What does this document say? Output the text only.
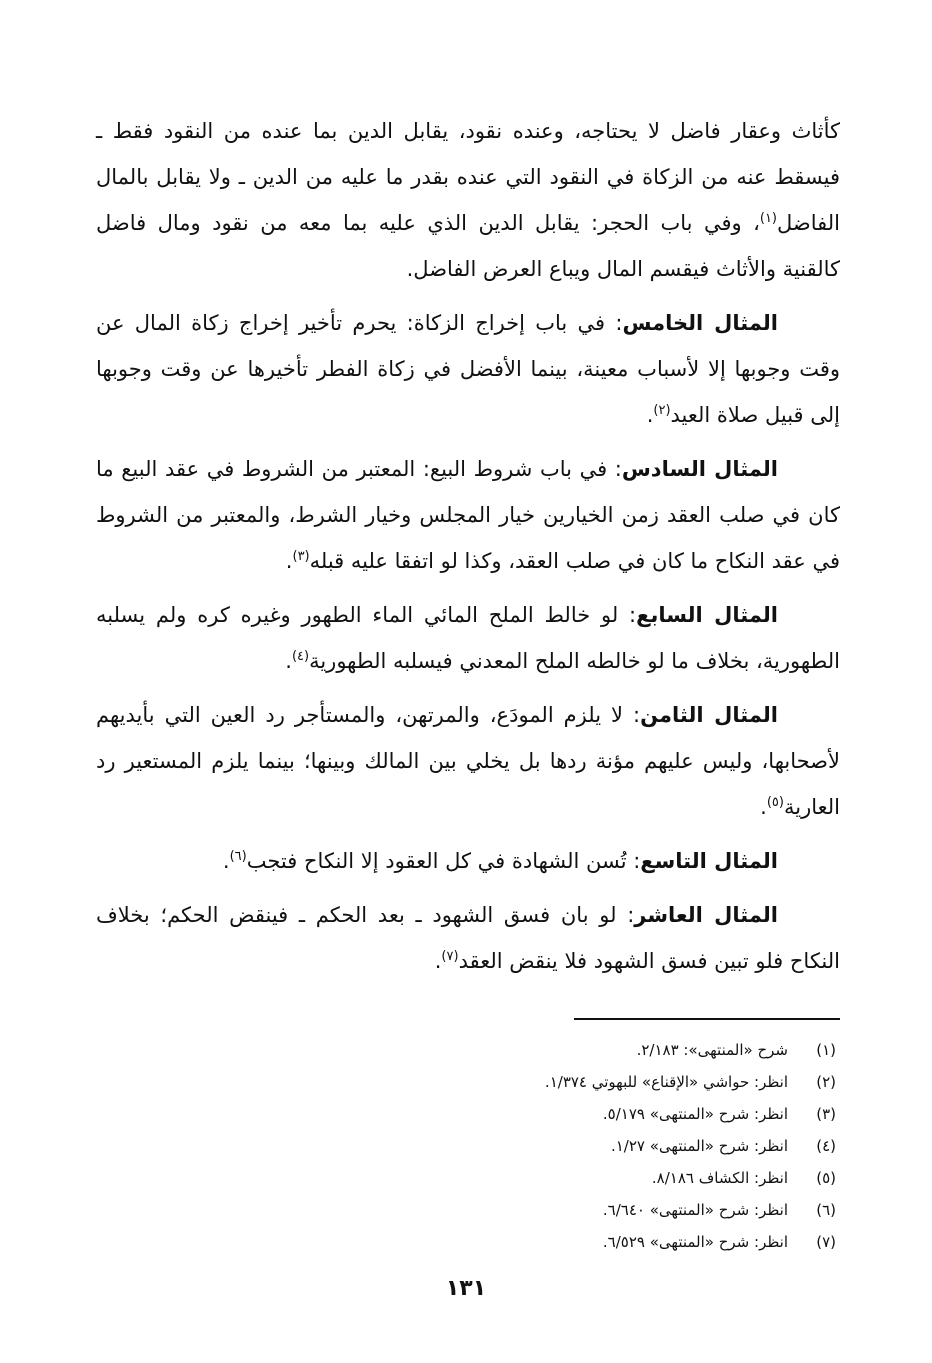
كأثاث وعقار فاضل لا يحتاجه، وعنده نقود، يقابل الدين بما عنده من النقود فقط ـ فيسقط عنه من الزكاة في النقود التي عنده بقدر ما عليه من الدين ـ ولا يقابل بالمال الفاضل$^{(١)}$، وفي باب الحجر: يقابل الدين الذي عليه بما معه من نقود ومال فاضل كالقنية والأثاث فيقسم المال ويباع العرض الفاضل.

المثال الخامس: في باب إخراج الزكاة: يحرم تأخير إخراج زكاة المال عن وقت وجوبها إلا لأسباب معينة، بينما الأفضل في زكاة الفطر تأخيرها عن وقت وجوبها إلى قبيل صلاة العيد$^{(٢)}$.

المثال السادس: في باب شروط البيع: المعتبر من الشروط في عقد البيع ما كان في صلب العقد زمن الخيارين خيار المجلس وخيار الشرط، والمعتبر من الشروط في عقد النكاح ما كان في صلب العقد، وكذا لو اتفقا عليه قبله$^{(٣)}$.

المثال السابع: لو خالط الملح المائي الماء الطهور وغيره كره ولم يسلبه الطهورية، بخلاف ما لو خالطه الملح المعدني فيسلبه الطهورية$^{(٤)}$.

المثال الثامن: لا يلزم المودَع، والمرتهن، والمستأجر رد العين التي بأيديهم لأصحابها، وليس عليهم مؤنة ردها بل يخلي بين المالك وبينها؛ بينما يلزم المستعير رد العارية$^{(٥)}$.

المثال التاسع: تُسن الشهادة في كل العقود إلا النكاح فتجب$^{(٦)}$.

المثال العاشر: لو بان فسق الشهود ـ بعد الحكم ـ فينقض الحكم؛ بخلاف النكاح فلو تبين فسق الشهود فلا ينقض العقد$^{(٧)}$.

(١)
شرح «المنتهى»: ٢/١٨٣.
(٢)
انظر: حواشي «الإقناع» للبهوتي ١/٣٧٤.
(٣)
انظر: شرح «المنتهى» ٥/١٧٩.
(٤)
انظر: شرح «المنتهى» ١/٢٧.
(٥)
انظر: الكشاف ٨/١٨٦.
(٦)
انظر: شرح «المنتهى» ٦/٦٤٠.
(٧)
انظر: شرح «المنتهى» ٦/٥٢٩.
١٣١
